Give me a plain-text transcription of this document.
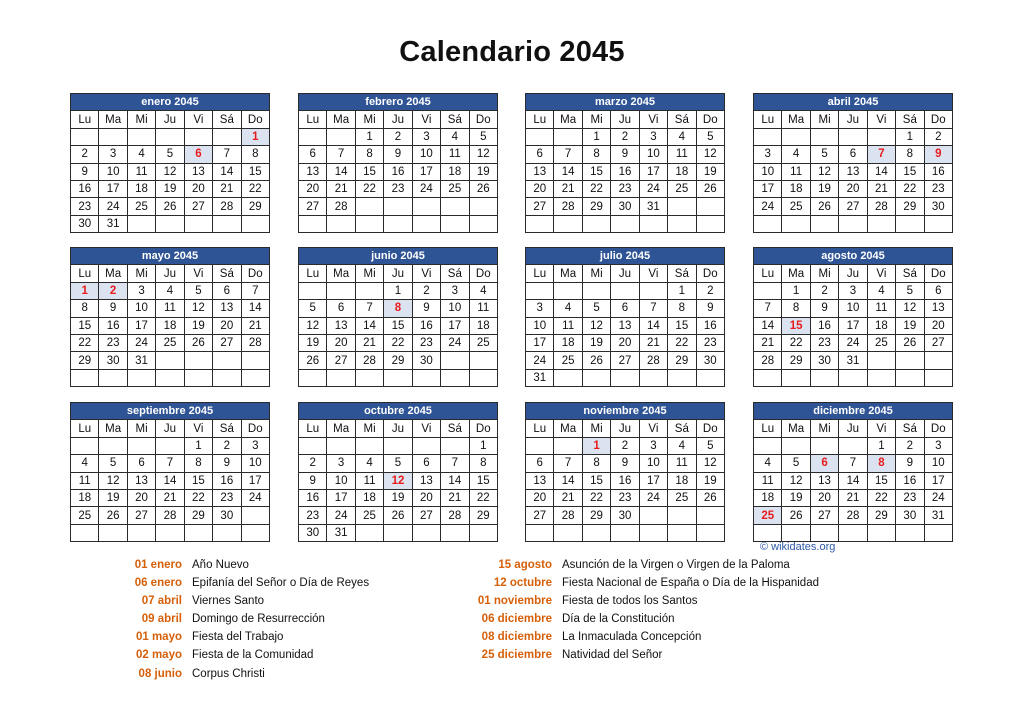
Calendario 2045
enero 2045						
Lu	Ma	Mi	Ju	Vi	Sá	Do
						1
2	3	4	5	6	7	8
9	10	11	12	13	14	15
16	17	18	19	20	21	22
23	24	25	26	27	28	29
30	31					
febrero 2045						
Lu	Ma	Mi	Ju	Vi	Sá	Do
		1	2	3	4	5
6	7	8	9	10	11	12
13	14	15	16	17	18	19
20	21	22	23	24	25	26
27	28					

marzo 2045						
Lu	Ma	Mi	Ju	Vi	Sá	Do
		1	2	3	4	5
6	7	8	9	10	11	12
13	14	15	16	17	18	19
20	21	22	23	24	25	26
27	28	29	30	31		

abril 2045						
Lu	Ma	Mi	Ju	Vi	Sá	Do
					1	2
3	4	5	6	7	8	9
10	11	12	13	14	15	16
17	18	19	20	21	22	23
24	25	26	27	28	29	30

mayo 2045						
Lu	Ma	Mi	Ju	Vi	Sá	Do
1	2	3	4	5	6	7
8	9	10	11	12	13	14
15	16	17	18	19	20	21
22	23	24	25	26	27	28
29	30	31				

junio 2045						
Lu	Ma	Mi	Ju	Vi	Sá	Do
			1	2	3	4
5	6	7	8	9	10	11
12	13	14	15	16	17	18
19	20	21	22	23	24	25
26	27	28	29	30		

julio 2045						
Lu	Ma	Mi	Ju	Vi	Sá	Do
					1	2
3	4	5	6	7	8	9
10	11	12	13	14	15	16
17	18	19	20	21	22	23
24	25	26	27	28	29	30
31						
agosto 2045						
Lu	Ma	Mi	Ju	Vi	Sá	Do
	1	2	3	4	5	6
7	8	9	10	11	12	13
14	15	16	17	18	19	20
21	22	23	24	25	26	27
28	29	30	31			

septiembre 2045						
Lu	Ma	Mi	Ju	Vi	Sá	Do
				1	2	3
4	5	6	7	8	9	10
11	12	13	14	15	16	17
18	19	20	21	22	23	24
25	26	27	28	29	30	

octubre 2045						
Lu	Ma	Mi	Ju	Vi	Sá	Do
						1
2	3	4	5	6	7	8
9	10	11	12	13	14	15
16	17	18	19	20	21	22
23	24	25	26	27	28	29
30	31					
noviembre 2045						
Lu	Ma	Mi	Ju	Vi	Sá	Do
		1	2	3	4	5
6	7	8	9	10	11	12
13	14	15	16	17	18	19
20	21	22	23	24	25	26
27	28	29	30			

diciembre 2045						
Lu	Ma	Mi	Ju	Vi	Sá	Do
				1	2	3
4	5	6	7	8	9	10
11	12	13	14	15	16	17
18	19	20	21	22	23	24
25	26	27	28	29	30	31

© wikidates.org
01 enero Año Nuevo
06 enero Epifanía del Señor o Día de Reyes
07 abril Viernes Santo
09 abril Domingo de Resurrección
01 mayo Fiesta del Trabajo
02 mayo Fiesta de la Comunidad
08 junio Corpus Christi
15 agosto Asunción de la Virgen o Virgen de la Paloma
12 octubre Fiesta Nacional de España o Día de la Hispanidad
01 noviembre Fiesta de todos los Santos
06 diciembre Día de la Constitución
08 diciembre La Inmaculada Concepción
25 diciembre Natividad del Señor
